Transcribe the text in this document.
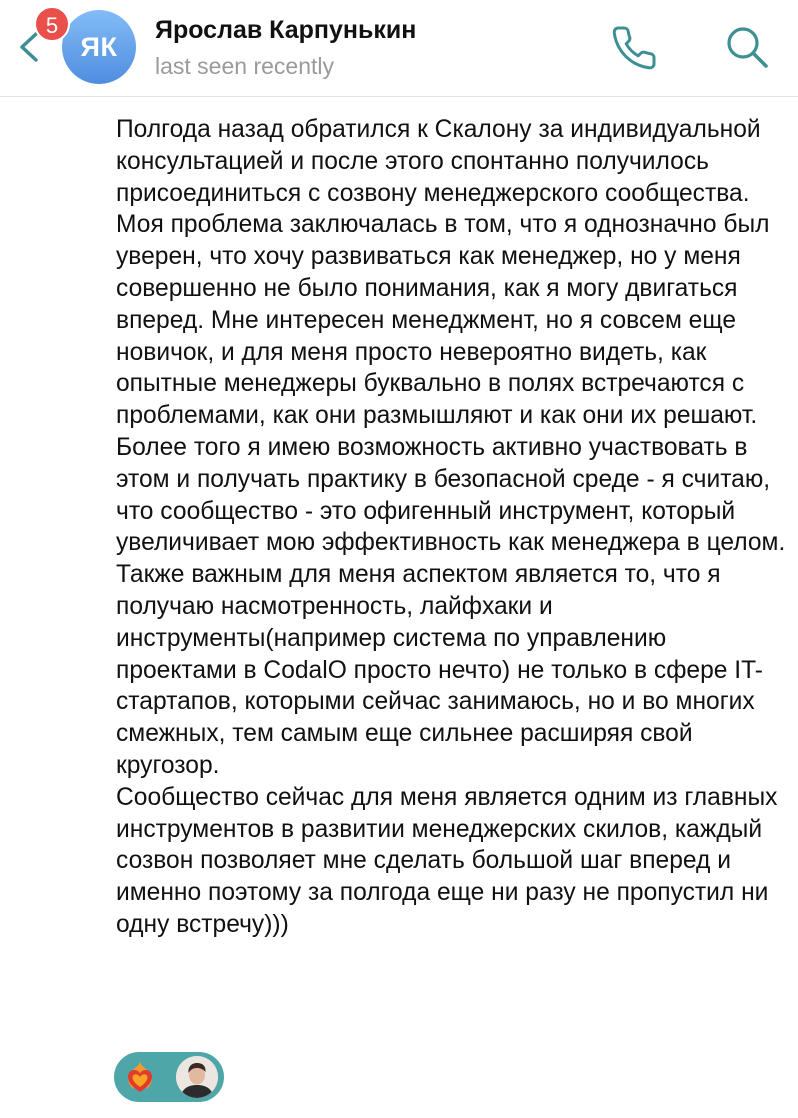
ЯК
5	Ярослав Карпунькин
last seen recently
Полгода назад обратился к Скалону за индивидуальной консультацией и после этого спонтанно получилось присоединиться с созвону менеджерского сообщества. Моя проблема заключалась в том, что я однозначно был уверен, что хочу развиваться как менеджер, но у меня совершенно не было понимания, как я могу двигаться вперед. Мне интересен менеджмент, но я совсем еще новичок, и для меня просто невероятно видеть, как опытные менеджеры буквально в полях встречаются с проблемами, как они размышляют и как они их решают. Более того я имею возможность активно участвовать в этом и получать практику в безопасной среде - я считаю, что сообщество - это офигенный инструмент, который увеличивает мою эффективность как менеджера в целом. Также важным для меня аспектом является то, что я получаю насмотренность, лайфхаки и инструменты(например система по управлению проектами в CodalO просто нечто) не только в сфере IT-стартапов, которыми сейчас занимаюсь, но и во многих смежных, тем самым еще сильнее расширяя свой кругозор.
Сообщество сейчас для меня является одним из главных инструментов в развитии менеджерских скилов, каждый созвон позволяет мне сделать большой шаг вперед и именно поэтому за полгода еще ни разу не пропустил ни одну встречу)))
